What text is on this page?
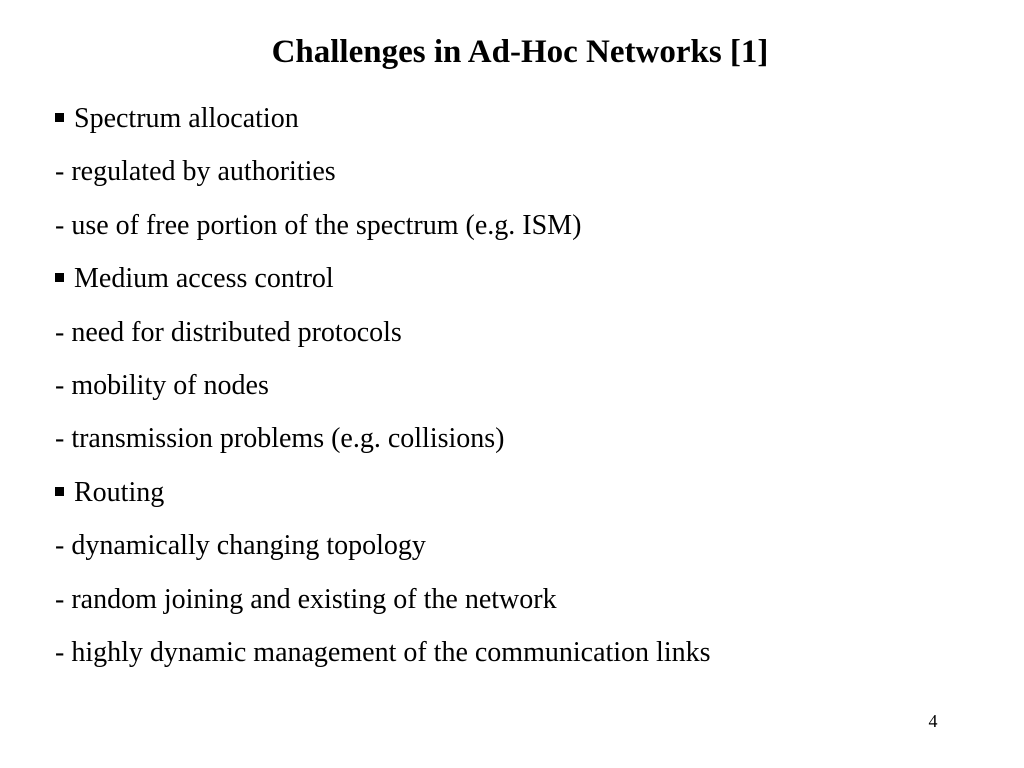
Challenges in Ad-Hoc Networks [1]
Spectrum allocation
- regulated by authorities
- use of free portion of the spectrum (e.g. ISM)
Medium access control
- need for distributed protocols
- mobility of nodes
- transmission problems (e.g. collisions)
Routing
- dynamically changing topology
- random joining and existing of the network
- highly dynamic management of the communication links
4
